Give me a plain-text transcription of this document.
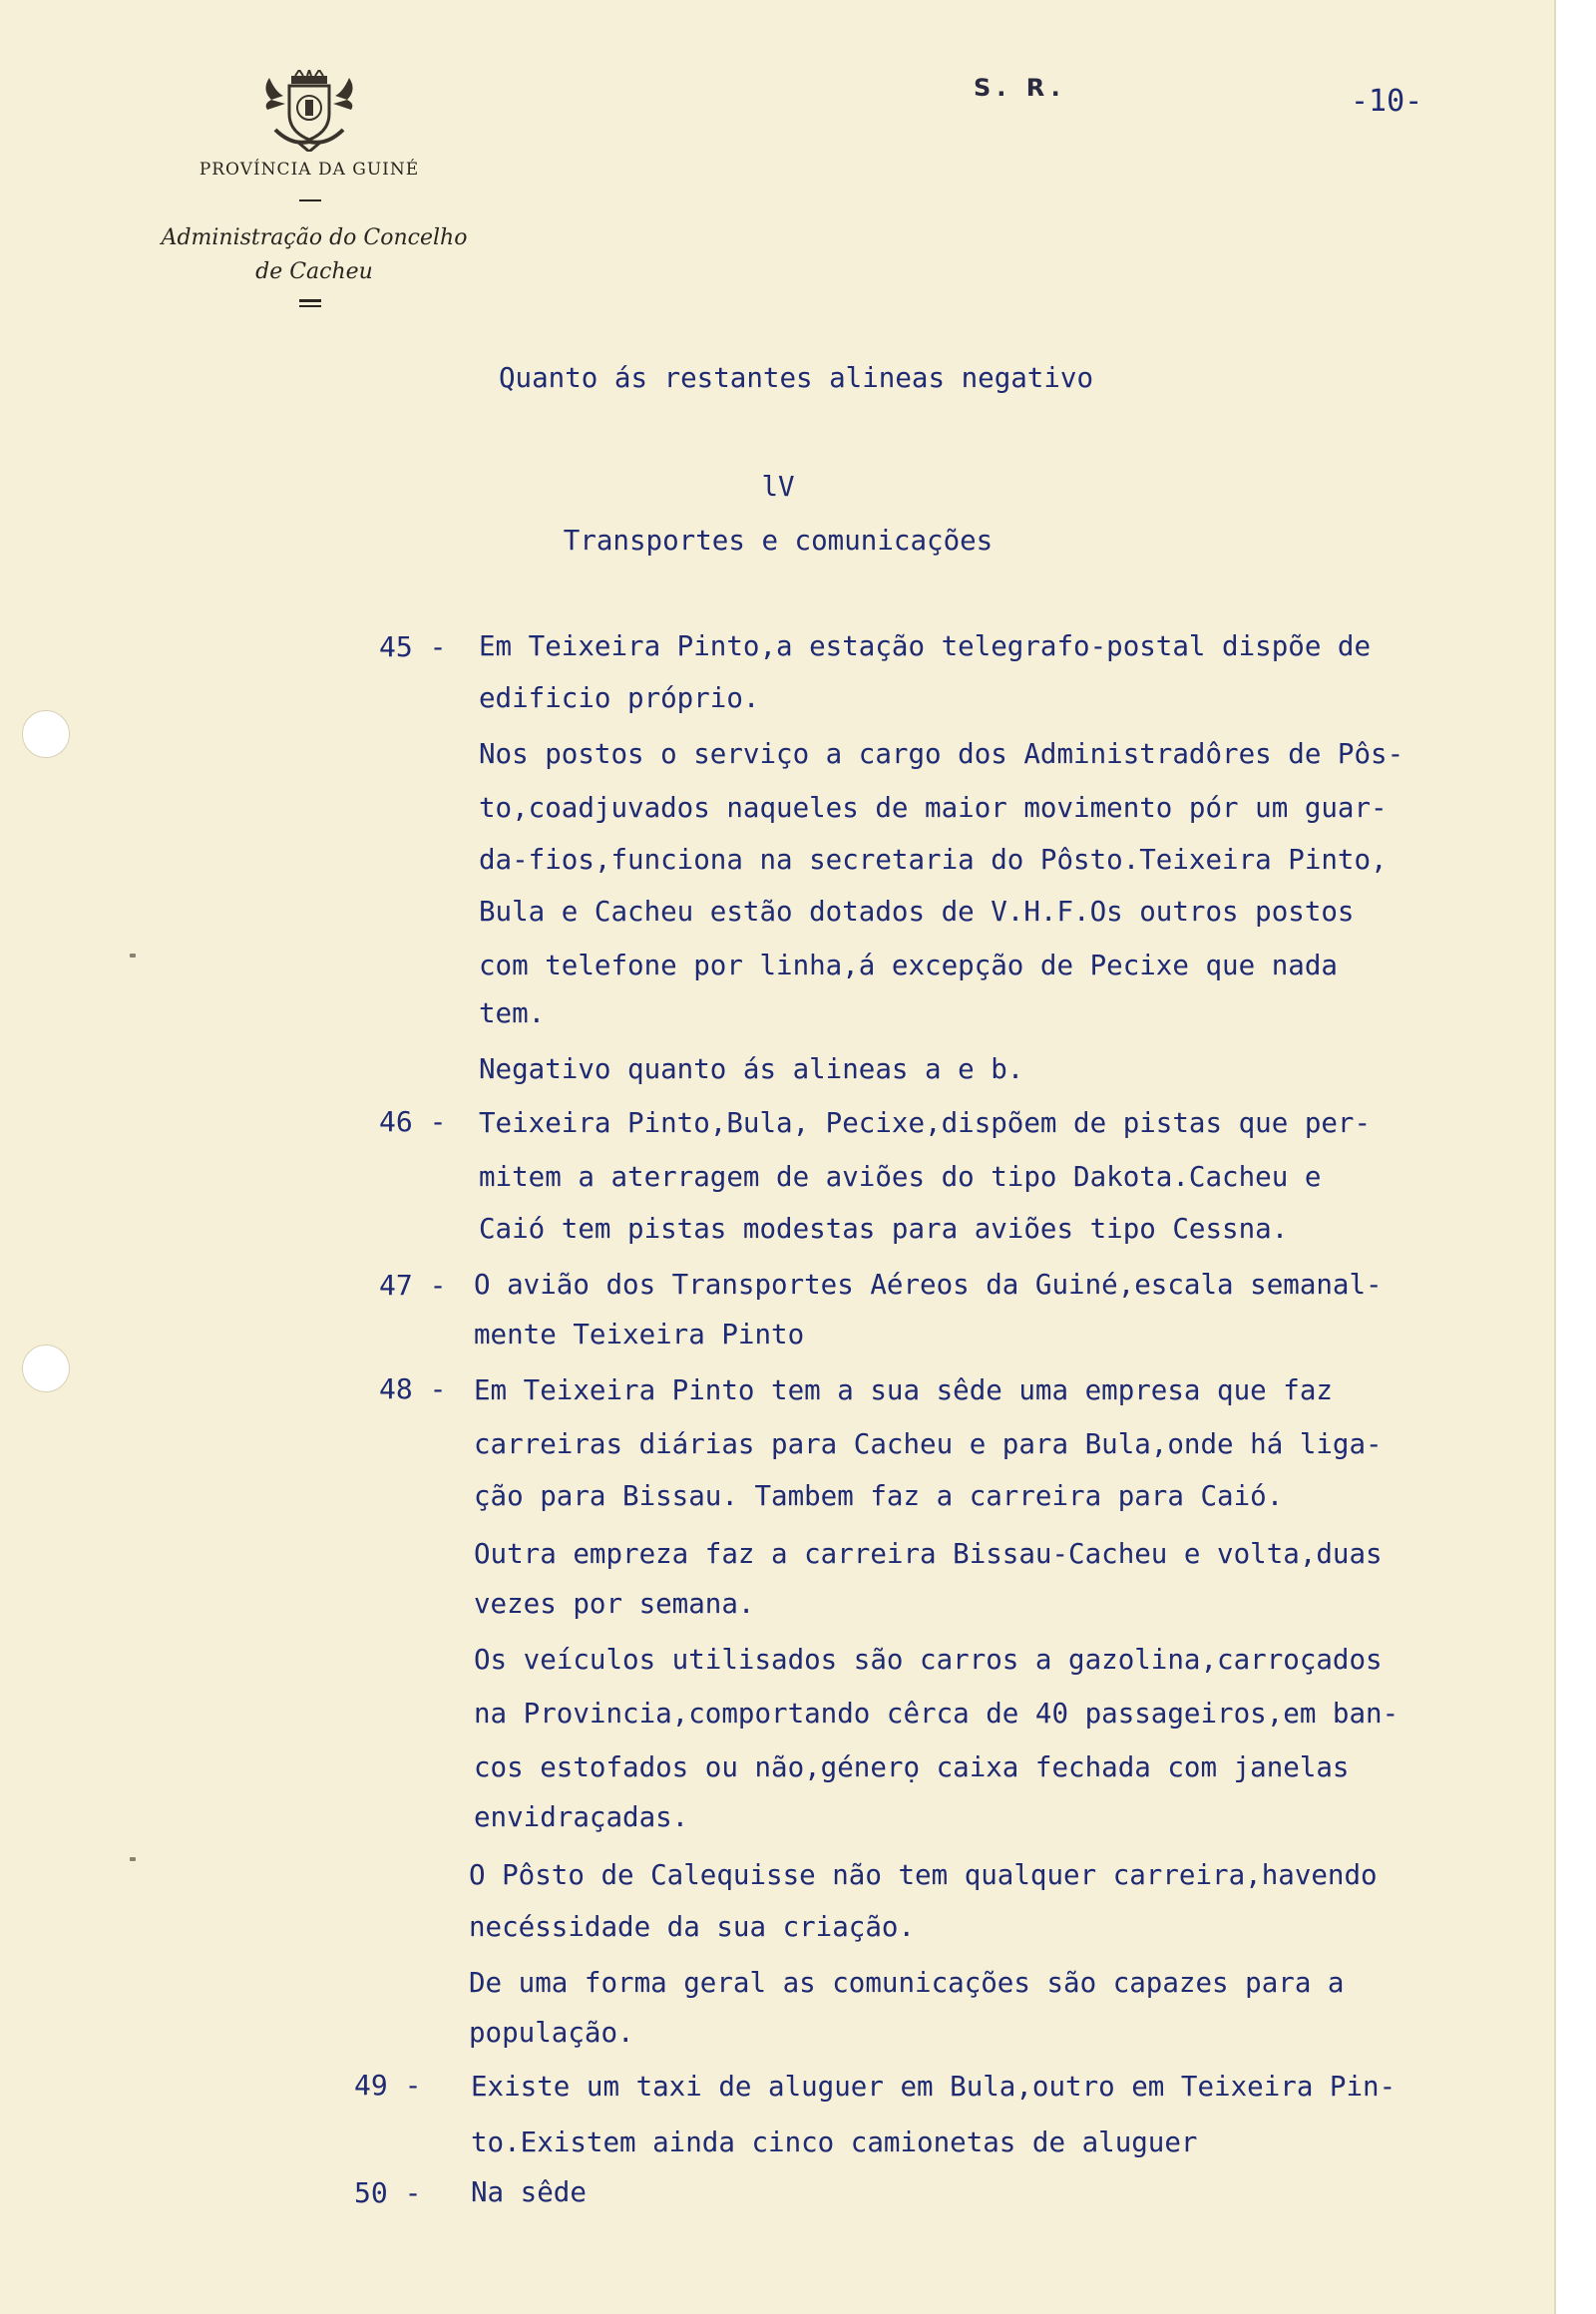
PROVÍNCIA DA GUINÉ
Administração do Concelho
de Cacheu
S. R.	-10-
Quanto ás restantes alineas negativo
lV
Transportes e comunicações
45 - Em Teixeira Pinto,a estação telegrafo-postal dispõe de
edificio próprio.
Nos postos o serviço a cargo dos Administradôres de Pôs-
to,coadjuvados naqueles de maior movimento pór um guar-
da-fios,funciona na secretaria do Pôsto.Teixeira Pinto,
Bula e Cacheu estão dotados de V.H.F.Os outros postos
com telefone por linha,á excepção de Pecixe que nada
tem.
Negativo quanto ás alineas a e b.
46 - Teixeira Pinto,Bula, Pecixe,dispõem de pistas que per-
mitem a aterragem de aviões do tipo Dakota.Cacheu e
Caió tem pistas modestas para aviões tipo Cessna.
47 - O avião dos Transportes Aéreos da Guiné,escala semanal-
mente Teixeira Pinto
48 - Em Teixeira Pinto tem a sua sêde uma empresa que faz
carreiras diárias para Cacheu e para Bula,onde há liga-
ção para Bissau. Tambem faz a carreira para Caió.
Outra empreza faz a carreira Bissau-Cacheu e volta,duas
vezes por semana.
Os veículos utilisados são carros a gazolina,carroçados
na Provincia,comportando cêrca de 40 passageiros,em ban-
cos estofados ou não,génerọ caixa fechada com janelas
envidraçadas.
O Pôsto de Calequisse não tem qualquer carreira,havendo
necéssidade da sua criação.
De uma forma geral as comunicações são capazes para a
população.
49 - Existe um taxi de aluguer em Bula,outro em Teixeira Pin-
to.Existem ainda cinco camionetas de aluguer
50 - Na sêde
